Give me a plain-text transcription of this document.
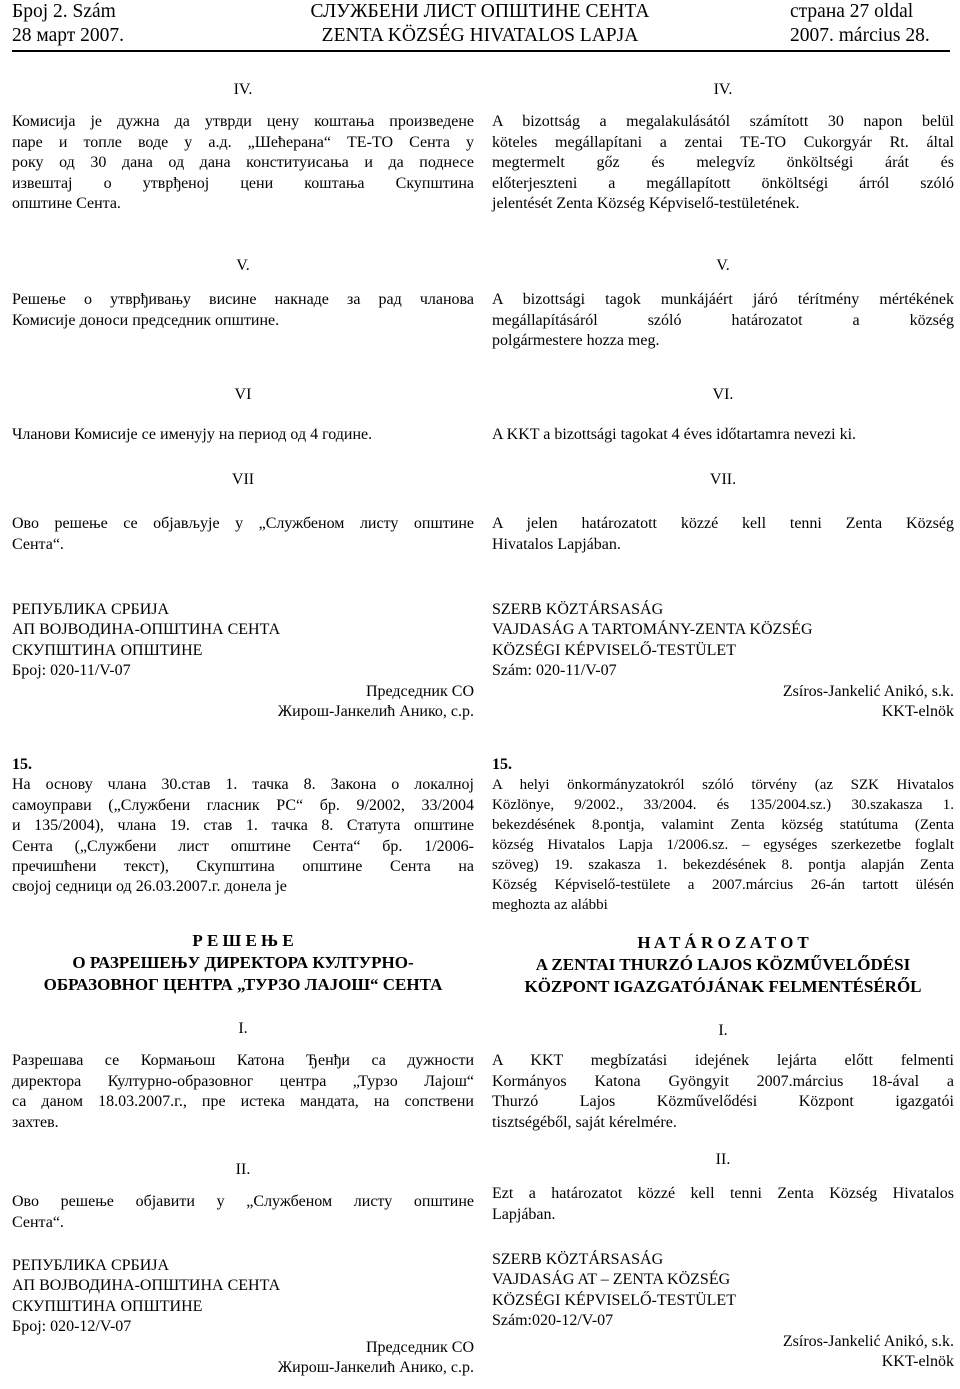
Број 2. Szám
28 март 2007.
СЛУЖБЕНИ ЛИСТ ОПШТИНЕ СЕНТА
ZENTA KÖZSÉG HIVATALOS LAPJA
страна 27 oldal
2007. március 28.

IV.

Комисија је дужна да утврди цену коштања произведене

паре и топле воде у а.д. „Шећерана“ ТЕ-ТО Сента у

року од 30 дана од дана конституисања и да поднесе

извештај о утврђеној цени коштања Скупштина

општине Сента.

V.

Решење о утврђивању висине накнаде за рад чланова

Комисије доноси председник општине.

VI

Чланови Комисије се именују на период од 4 године.

VII

Ово решење се објављује у „Службеном листу општине

Сента“.

РЕПУБЛИКА СРБИЈА

АП ВОЈВОДИНА-ОПШТИНА СЕНТА

СКУПШТИНА ОПШТИНЕ

Број: 020-11/V-07

Председник СО

Жирош-Јанкелић Анико, с.р.

15.

На основу члана 30.став 1. тачка 8. Закона о локалној

самоуправи („Службени гласник РС“ бр. 9/2002, 33/2004

и 135/2004), члана 19. став 1. тачка 8. Статута општине

Сента („Службени лист општине Сента“ бр. 1/2006-

пречишћени текст), Скупштина општине Сента на

својој седници од 26.03.2007.г. донела је

Р Е Ш Е Њ Е

О РАЗРЕШЕЊУ ДИРЕКТОРА КУЛТУРНО-

ОБРАЗОВНОГ ЦЕНТРА „ТУРЗО ЛАЈОШ“ СЕНТА

I.

Разрешава се Кормањош Катона Ђенђи са дужности

директора Културно-образовног центра „Турзо Лајош“

са даном 18.03.2007.г., пре истека мандата, на сопствени

захтев.

II.

Ово решење објавити у „Службеном листу општине

Сента“.

РЕПУБЛИКА СРБИЈА

АП ВОЈВОДИНА-ОПШТИНА СЕНТА

СКУПШТИНА ОПШТИНЕ

Број: 020-12/V-07

Председник СО

Жирош-Јанкелић Анико, с.р.

IV.

A bizottság a megalakulásától számított 30 napon belül

köteles megállapítani a zentai TE-TO Cukorgyár Rt. által

megtermelt gőz és melegvíz önköltségi árát és

előterjeszteni a megállapított önköltségi árról szóló

jelentését Zenta Község Képviselő-testületének.

V.

A bizottsági tagok munkájáért járó térítmény mértékének

megállapításáról szóló határozatot a község

polgármestere hozza meg.

VI.

A KKT a bizottsági tagokat 4 éves időtartamra nevezi ki.

VII.

A jelen határozatott közzé kell tenni Zenta Község

Hivatalos Lapjában.

SZERB KÖZTÁRSASÁG

VAJDASÁG A TARTOMÁNY-ZENTA KÖZSÉG

KÖZSÉGI KÉPVISELŐ-TESTÜLET

Szám: 020-11/V-07

Zsíros-Jankelić Anikó, s.k.

KKT-elnök

15.

A helyi önkormányzatokról szóló törvény (az SZK Hivatalos

Közlönye, 9/2002., 33/2004. és 135/2004.sz.) 30.szakasza 1.

bekezdésének 8.pontja, valamint Zenta község statútuma (Zenta

község Hivatalos Lapja 1/2006.sz. – egységes szerkezetbe foglalt

szöveg) 19. szakasza 1. bekezdésének 8. pontja alapján Zenta

Község Képviselő-testülete a 2007.március 26-án tartott ülésén

meghozta az alábbi

H A T Á R O Z A T O T

A ZENTAI THURZÓ LAJOS KÖZMŰVELŐDÉSI

KÖZPONT IGAZGATÓJÁNAK FELMENTÉSÉRŐL

I.

A KKT megbízatási idejének lejárta előtt felmenti

Kormányos Katona Gyöngyit 2007.március 18-ával a

Thurzó Lajos Közművelődési Központ igazgatói

tisztségéből, saját kérelmére.

II.

Ezt a határozatot közzé kell tenni Zenta Község Hivatalos

Lapjában.

SZERB KÖZTÁRSASÁG

VAJDASÁG AT – ZENTA KÖZSÉG

KÖZSÉGI KÉPVISELŐ-TESTÜLET

Szám:020-12/V-07

Zsíros-Jankelić Anikó, s.k.

KKT-elnök
